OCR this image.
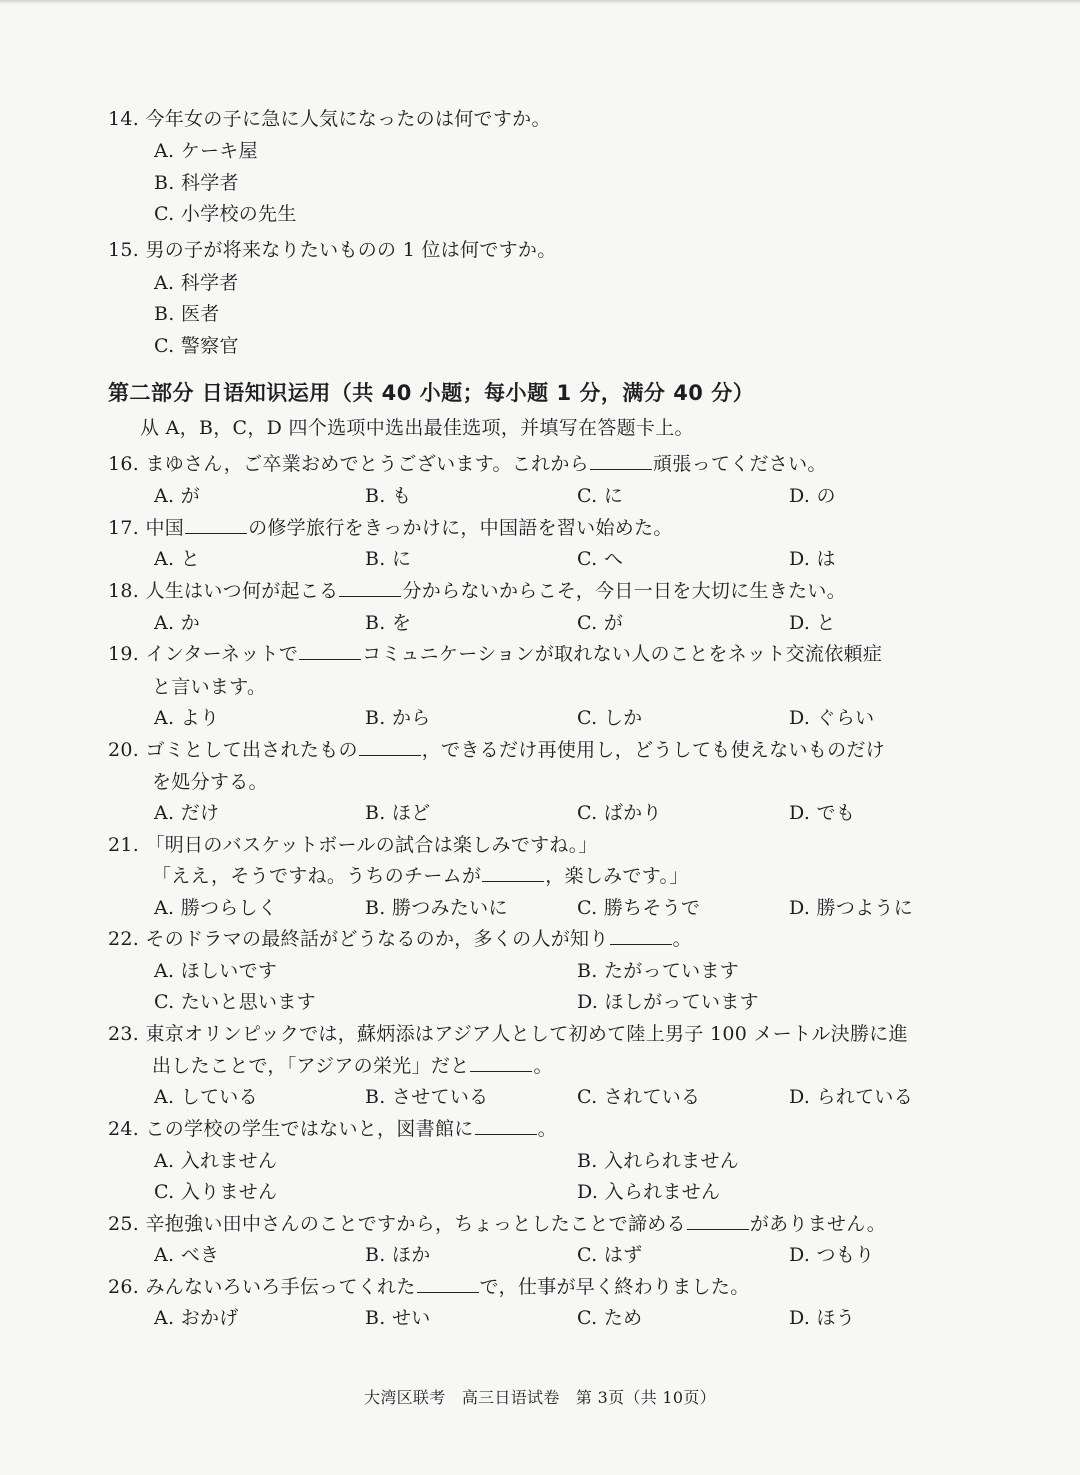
14. 今年女の子に急に人気になったのは何ですか。
A. ケーキ屋
B. 科学者
C. 小学校の先生
15. 男の子が将来なりたいものの 1 位は何ですか。
A. 科学者
B. 医者
C. 警察官
第二部分 日语知识运用（共 40 小题；每小题 1 分，满分 40 分）
从 A，B，C，D 四个选项中选出最佳选项，并填写在答题卡上。
16. まゆさん，ご卒業おめでとうございます。これから	頑張ってください。
A. が	B. も	C. に	D. の
17. 中国	の修学旅行をきっかけに，中国語を習い始めた。
A. と	B. に	C. へ	D. は
18. 人生はいつ何が起こる	分からないからこそ，今日一日を大切に生きたい。
A. か	B. を	C. が	D. と
19. インターネットで	コミュニケーションが取れない人のことをネット交流依頼症
と言います。
A. より	B. から	C. しか	D. ぐらい
20. ゴミとして出されたもの	，できるだけ再使用し，どうしても使えないものだけ
を処分する。
A. だけ	B. ほど	C. ばかり	D. でも
21. 「明日のバスケットボールの試合は楽しみですね。」
「ええ，そうですね。うちのチームが	，楽しみです。」
A. 勝つらしく	B. 勝つみたいに	C. 勝ちそうで	D. 勝つように
22. そのドラマの最終話がどうなるのか，多くの人が知り	。
A. ほしいです	B. たがっています
C. たいと思います	D. ほしがっています
23. 東京オリンピックでは，蘇炳添はアジア人として初めて陸上男子 100 メートル決勝に進
出したことで，「アジアの栄光」だと	。
A. している	B. させている	C. されている	D. られている
24. この学校の学生ではないと，図書館に	。
A. 入れません	B. 入れられません
C. 入りません	D. 入られません
25. 辛抱強い田中さんのことですから，ちょっとしたことで諦める	がありません。
A. べき	B. ほか	C. はず	D. つもり
26. みんないろいろ手伝ってくれた	で，仕事が早く終わりました。
A. おかげ	B. せい	C. ため	D. ほう
大湾区联考　高三日语试卷　第 3页（共 10页）
